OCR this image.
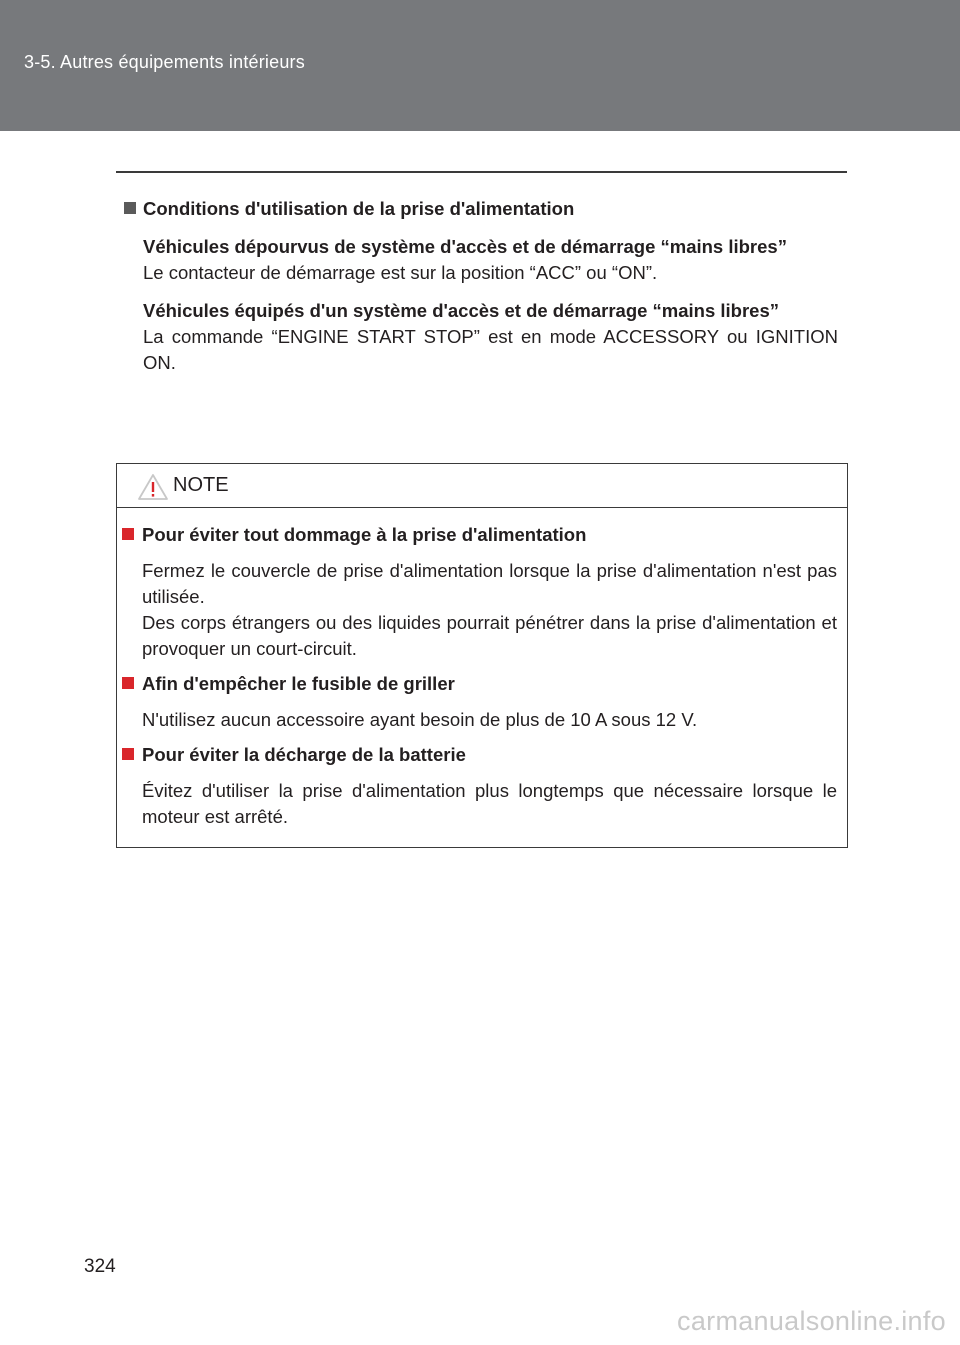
3-5. Autres équipements intérieurs
Conditions d'utilisation de la prise d'alimentation
Véhicules dépourvus de système d'accès et de démarrage “mains libres”
Le contacteur de démarrage est sur la position “ACC” ou “ON”.
Véhicules équipés d'un système d'accès et de démarrage “mains libres”
La commande “ENGINE START STOP” est en mode ACCESSORY ou IGNITION ON.
NOTE
Pour éviter tout dommage à la prise d'alimentation
Fermez le couvercle de prise d'alimentation lorsque la prise d'alimentation n'est pas utilisée.
Des corps étrangers ou des liquides pourrait pénétrer dans la prise d'alimentation et provoquer un court-circuit.
Afin d'empêcher le fusible de griller
N'utilisez aucun accessoire ayant besoin de plus de 10 A sous 12 V.
Pour éviter la décharge de la batterie
Évitez d'utiliser la prise d'alimentation plus longtemps que nécessaire lorsque le moteur est arrêté.
324
carmanualsonline.info
